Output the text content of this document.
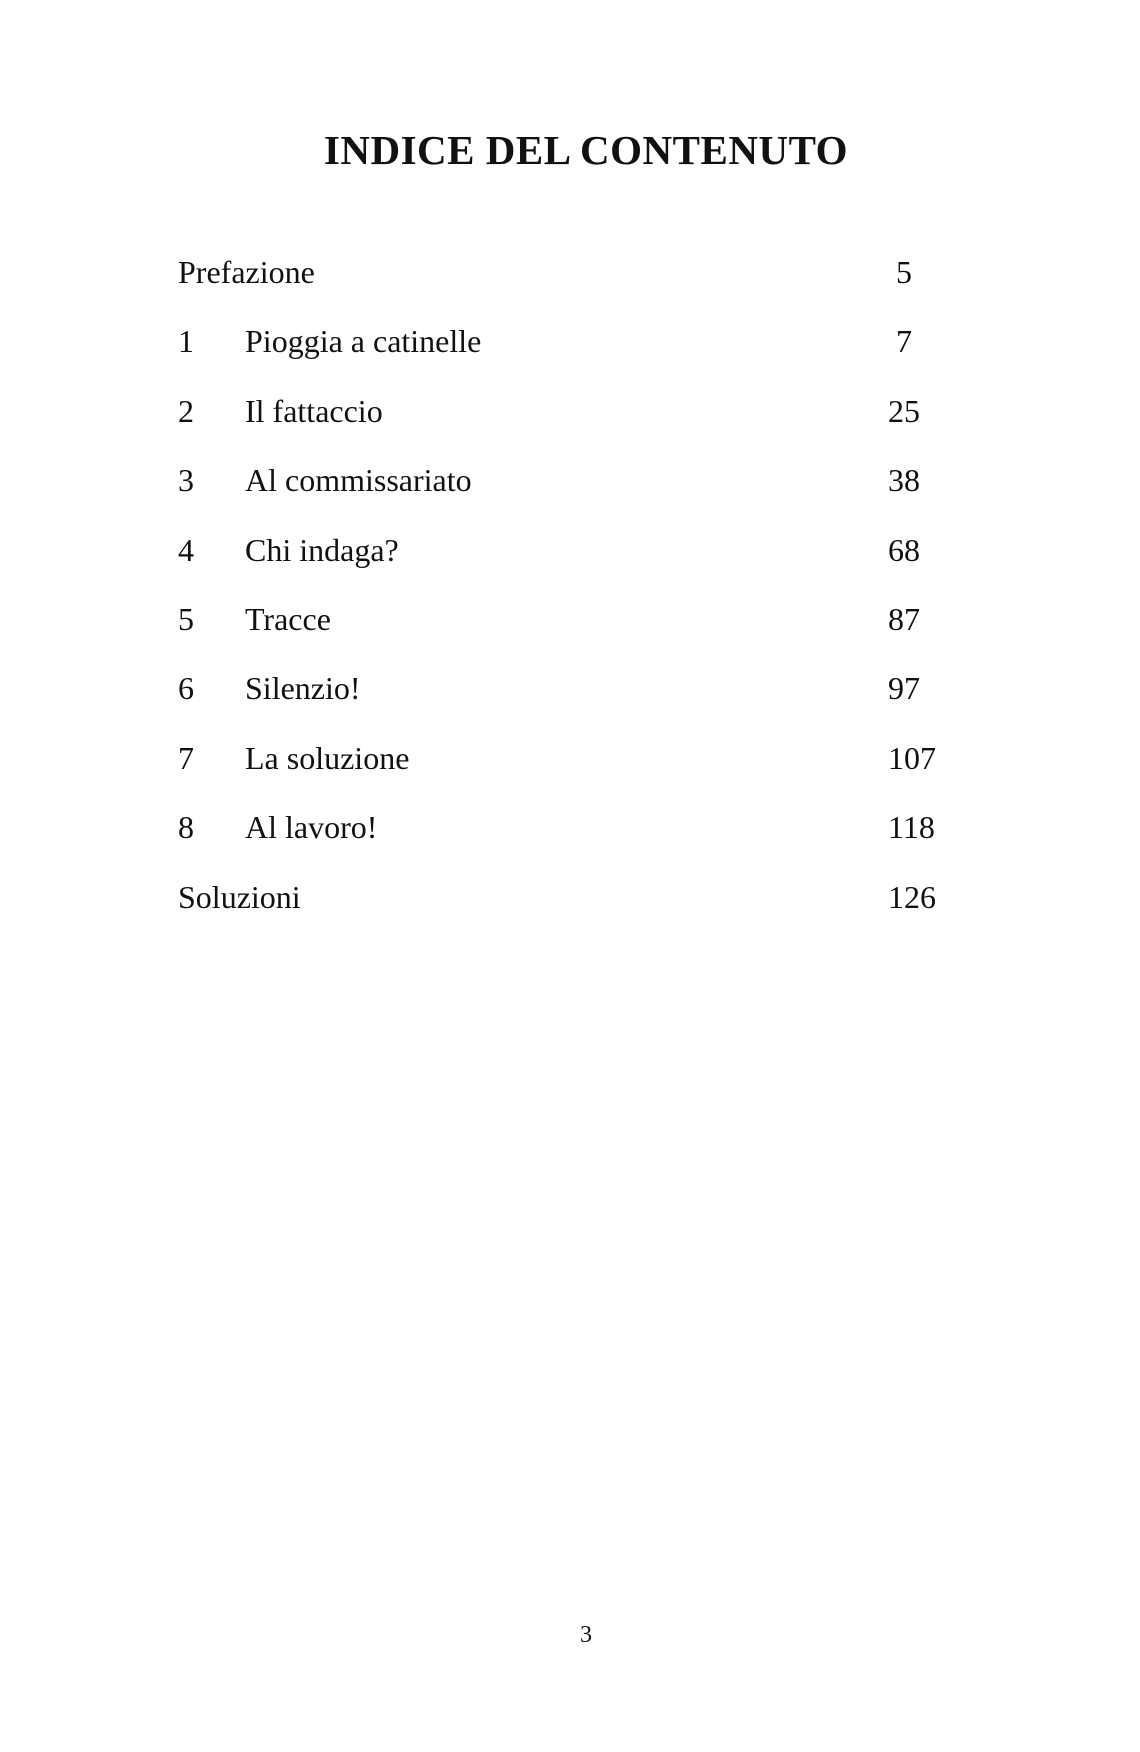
INDICE DEL CONTENUTO
Prefazione	5
1 Pioggia a catinelle	7
2 Il fattaccio	25
3 Al commissariato	38
4 Chi indaga?	68
5 Tracce	87
6 Silenzio!	97
7 La soluzione	107
8 Al lavoro!	118
Soluzioni	126
3
